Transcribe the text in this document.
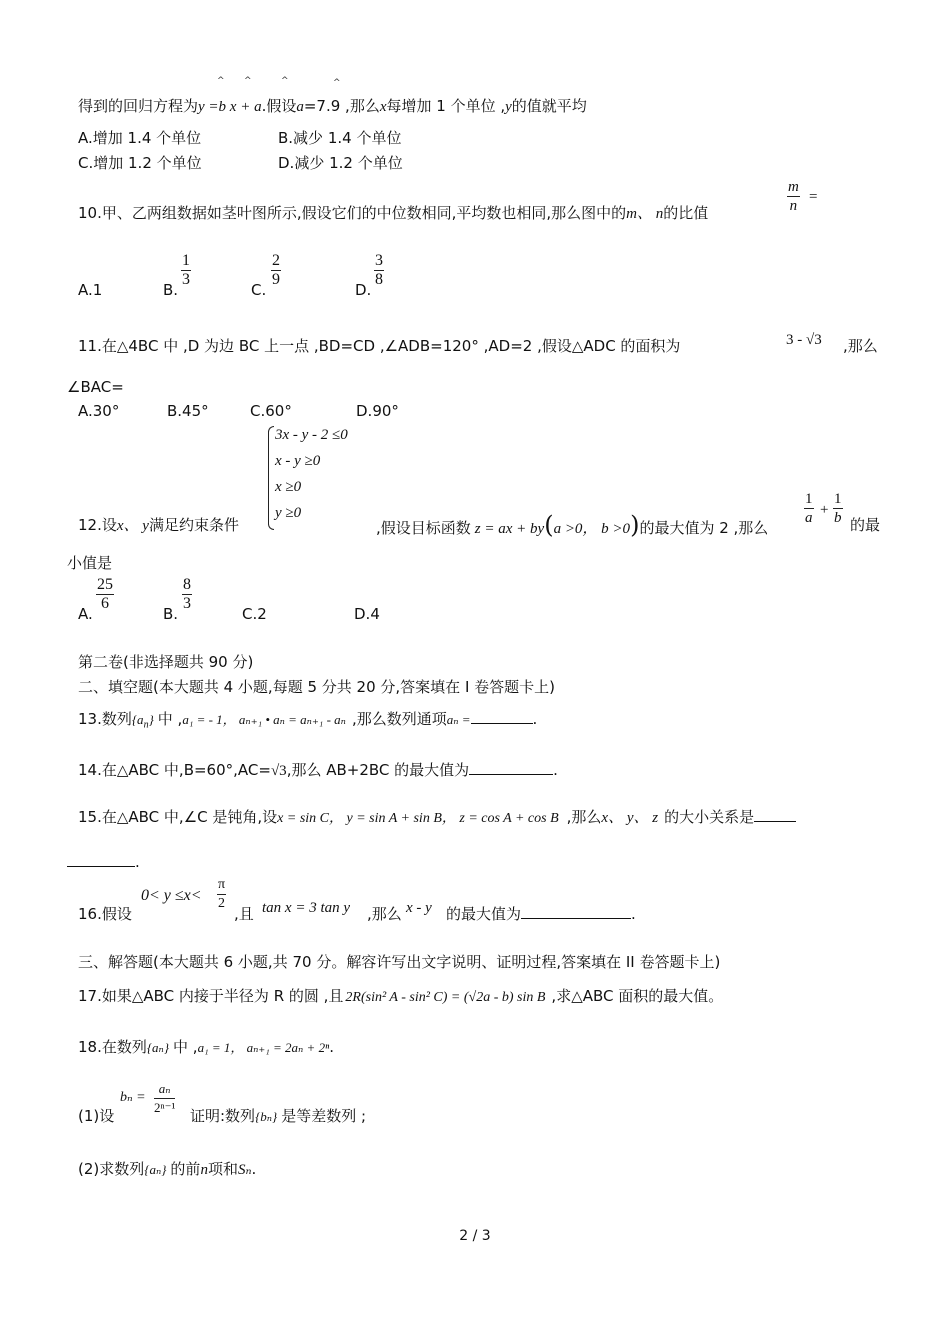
得到的回归方程为y =b x + a.假设a=7.9 ,那么x每增加 1 个单位 ,y的值就平均
^ ^	^	^
A.增加 1.4 个单位	B.减少 1.4 个单位
C.增加 1.2 个单位	D.减少 1.2 个单位
10.甲、乙两组数据如茎叶图所示,假设它们的中位数相同,平均数也相同,那么图中的m、 n的比值	$\frac{m}{n}$ =
A.1	B.
$\frac{1}{3}$
C.
$\frac{2}{9}$
D.
$\frac{3}{8}$
11.在△4BC 中 ,D 为边 BC 上一点 ,BD=CD ,∠ADB=120° ,AD=2 ,假设△ADC 的面积为	3 - √3 ,那么
∠BAC=
A.30°	B.45°	C.60°	D.90°
3x - y - 2 ≤0
x - y ≥0
x ≥0
y ≥0
12.设x、 y满足约束条件	,假设目标函数 z = ax + by(a >0， b >0)的最大值为 2 ,那么
$\frac{1}{a} + \frac{1}{b}$ 的最
小值是
A.
$\frac{25}{6}$
B.
$\frac{8}{3}$
C.2	D.4
第二卷(非选择题共 90 分)
二、填空题(本大题共 4 小题,每题 5 分共 20 分,答案填在 I 卷答题卡上)
13.数列$\{a_n\}$ 中 ,a₁ = - 1， aₙ₊₁ • aₙ = aₙ₊₁ - aₙ ,那么数列通项aₙ =	.
14.在△ABC 中,B=60°,AC=√3,那么 AB+2BC 的最大值为	.
15.在△ABC 中,∠C 是钝角,设x = sin C， y = sin A + sin B， z = cos A + cos B ,那么x、 y、 z 的大小关系是
.
$0< y \le x< \frac{\pi}{2}$
16.假设	,且 tan x = 3 tan y ,那么 x - y 的最大值为	.
三、解答题(本大题共 6 小题,共 70 分。解容许写出文字说明、证明过程,答案填在 II 卷答题卡上)
17.如果△ABC 内接于半径为 R 的圆 ,且 2R(sin² A - sin² C) = (√2a - b) sin B ,求△ABC 面积的最大值。
18.在数列{aₙ} 中 ,a₁ = 1， aₙ₊₁ = 2aₙ + 2ⁿ.
(1)设
$b_n = \frac{\text{aₙ}}{\text{2ⁿ⁻¹}}$ 证明:数列{bₙ} 是等差数列 ;
(2)求数列{aₙ} 的前n项和Sₙ.
2 / 3
